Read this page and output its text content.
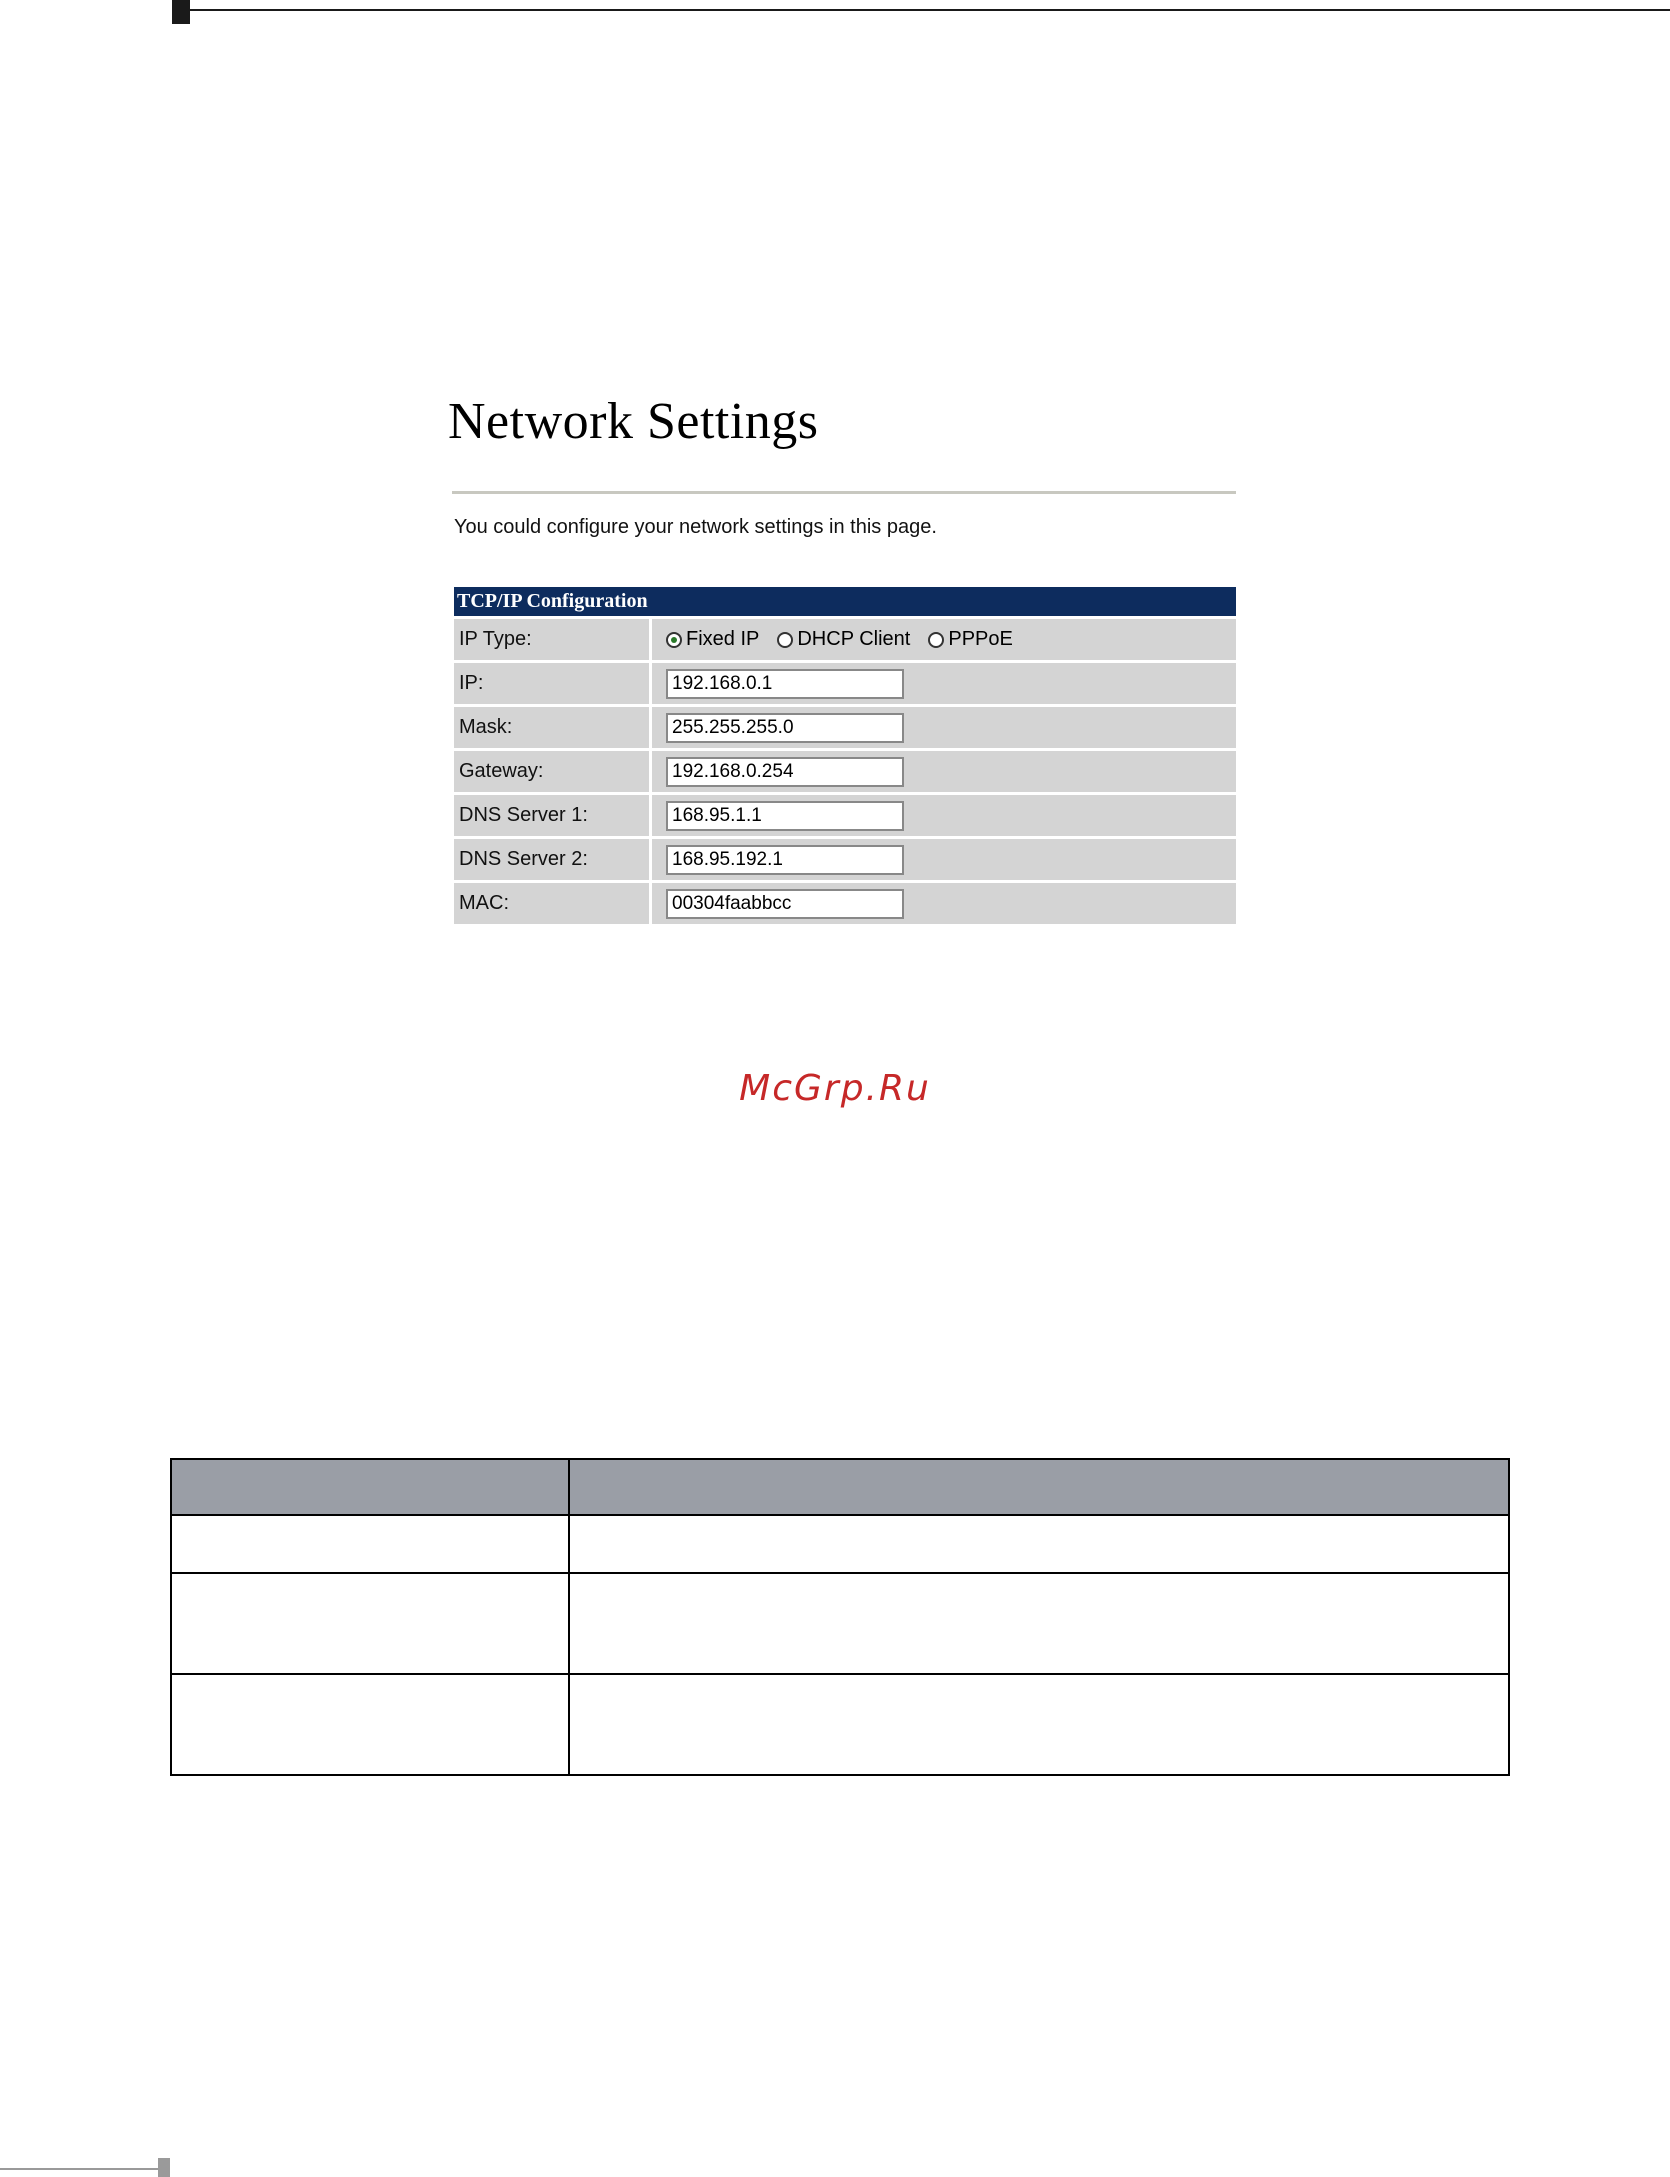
Network Settings
You could configure your network settings in this page.
TCP/IP Configuration		
IP Type:		Fixed IP DHCP Client PPPoE

IP:		192.168.0.1
Mask:		255.255.255.0
Gateway:		192.168.0.254
DNS Server 1:		168.95.1.1
DNS Server 2:		168.95.192.1
MAC:		00304faabbcc
McGrp.Ru
